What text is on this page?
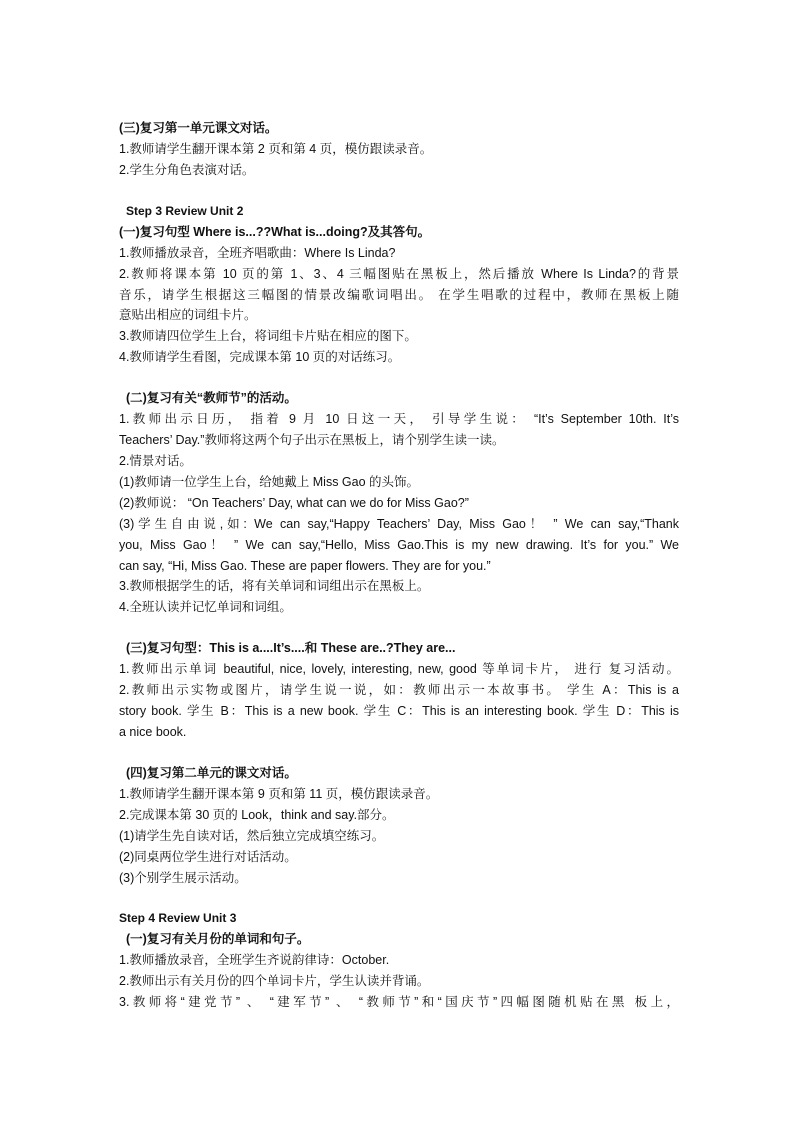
(三)复习第一单元课文对话。
1.教师请学生翻开课本第 2 页和第 4 页，模仿跟读录音。
2.学生分角色表演对话。
Step 3 Review Unit 2
(一)复习句型 Where is...??What is...doing?及其答句。
1.教师播放录音，全班齐唱歌曲：Where Is Linda?
2.教师将课本第 10 页的第 1、3、4 三幅图贴在黑板上，然后播放 Where Is Linda?的背景
音乐，请学生根据这三幅图的情景改编歌词唱出。 在学生唱歌的过程中，教师在黑板上随
意贴出相应的词组卡片。
3.教师请四位学生上台，将词组卡片贴在相应的图下。
4.教师请学生看图，完成课本第 10 页的对话练习。
(二)复习有关“教师节”的活动。
1.教师出示日历， 指着 9 月 10 日这一天， 引导学生说： “It’s September 10th. It’s
Teachers’ Day.”教师将这两个句子出示在黑板上，请个别学生读一读。
2.情景对话。
(1)教师请一位学生上台，给她戴上 Miss Gao 的头饰。
(2)教师说： “On Teachers’ Day, what can we do for Miss Gao?”
(3)学生自由说,如: We can say,“Happy Teachers’ Day, Miss Gao！ ” We can say,“Thank
you, Miss Gao！ ” We can say,“Hello, Miss Gao.This is my new drawing. It’s for you.” We
can say, “Hi, Miss Gao. These are paper flowers. They are for you.”
3.教师根据学生的话，将有关单词和词组出示在黑板上。
4.全班认读并记忆单词和词组。
(三)复习句型：This is a....It’s....和 These are..?They are...
1.教师出示单词 beautiful, nice, lovely, interesting, new, good 等单词卡片， 进行 复习活动。
2.教师出示实物或图片，请学生说一说，如：教师出示一本故事书。 学生 A：This is a
story book. 学生 B：This is a new book. 学生 C：This is an interesting book. 学生 D：This is
a nice book.
(四)复习第二单元的课文对话。
1.教师请学生翻开课本第 9 页和第 11 页，模仿跟读录音。
2.完成课本第 30 页的 Look，think and say.部分。
(1)请学生先自读对话，然后独立完成填空练习。
(2)同桌两位学生进行对话活动。
(3)个别学生展示活动。
Step 4 Review Unit 3
(一)复习有关月份的单词和句子。
1.教师播放录音，全班学生齐说韵律诗：October.
2.教师出示有关月份的四个单词卡片，学生认读并背诵。
3.教师将“建党节” 、 “建军节” 、 “教师节”和“国庆节”四幅图随机贴在黑 板上，
